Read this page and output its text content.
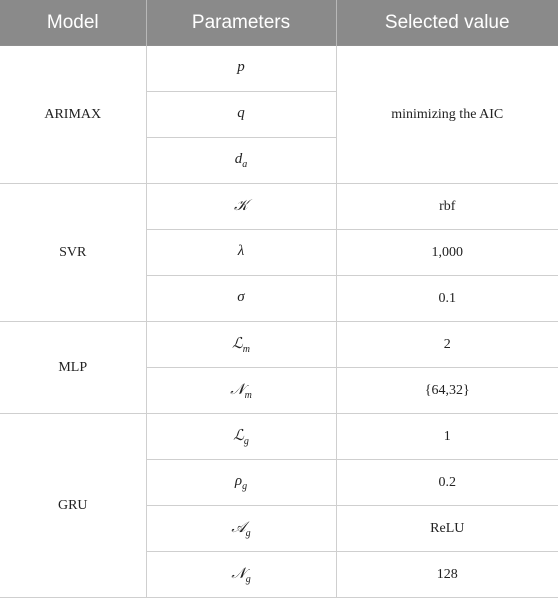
Model	Parameters	Selected value
ARIMAX	p	minimizing the AIC
	q	
	$d_a$
SVR	𝒦	rbf
	λ	1,000
	σ	0.1
MLP	ℒ$_m$	2
	𝒩$_m$	{64,32}
GRU	ℒ$_g$	1
	$\rho_g$	0.2
	𝒜$_g$	ReLU
	𝒩$_g$	128
